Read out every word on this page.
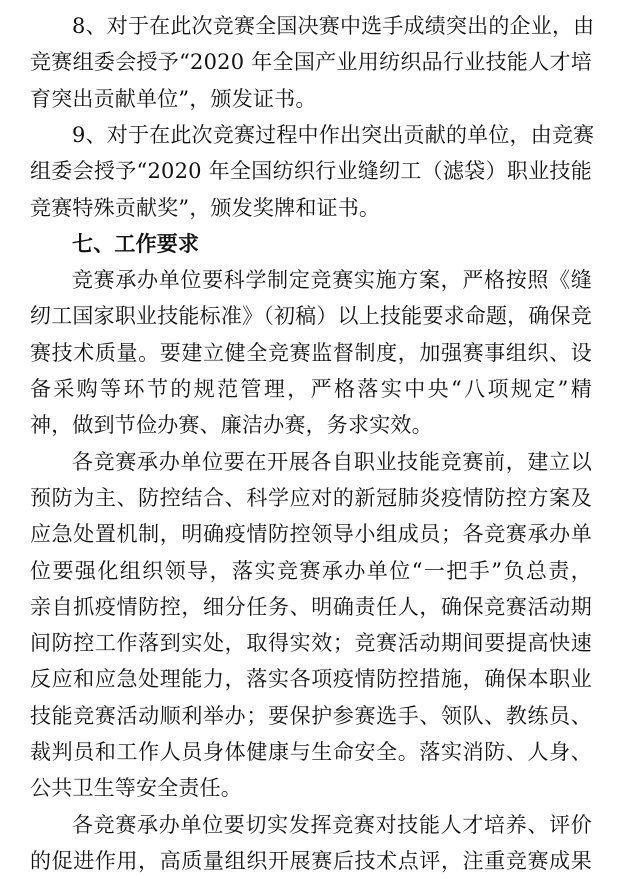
8、对于在此次竞赛全国决赛中选手成绩突出的企业，由
竞赛组委会授予“2020 年全国产业用纺织品行业技能人才培
育突出贡献单位”，颁发证书。
9、对于在此次竞赛过程中作出突出贡献的单位，由竞赛
组委会授予“2020 年全国纺织行业缝纫工（滤袋）职业技能
竞赛特殊贡献奖”，颁发奖牌和证书。
七、工作要求
竞赛承办单位要科学制定竞赛实施方案，严格按照《缝
纫工国家职业技能标准》（初稿）以上技能要求命题，确保竞
赛技术质量。要建立健全竞赛监督制度，加强赛事组织、设
备采购等环节的规范管理，严格落实中央“八项规定”精
神，做到节俭办赛、廉洁办赛，务求实效。
各竞赛承办单位要在开展各自职业技能竞赛前，建立以
预防为主、防控结合、科学应对的新冠肺炎疫情防控方案及
应急处置机制，明确疫情防控领导小组成员；各竞赛承办单
位要强化组织领导，落实竞赛承办单位“一把手”负总责，
亲自抓疫情防控，细分任务、明确责任人，确保竞赛活动期
间防控工作落到实处，取得实效；竞赛活动期间要提高快速
反应和应急处理能力，落实各项疫情防控措施，确保本职业
技能竞赛活动顺利举办；要保护参赛选手、领队、教练员、
裁判员和工作人员身体健康与生命安全。落实消防、人身、
公共卫生等安全责任。
各竞赛承办单位要切实发挥竞赛对技能人才培养、评价
的促进作用，高质量组织开展赛后技术点评，注重竞赛成果
